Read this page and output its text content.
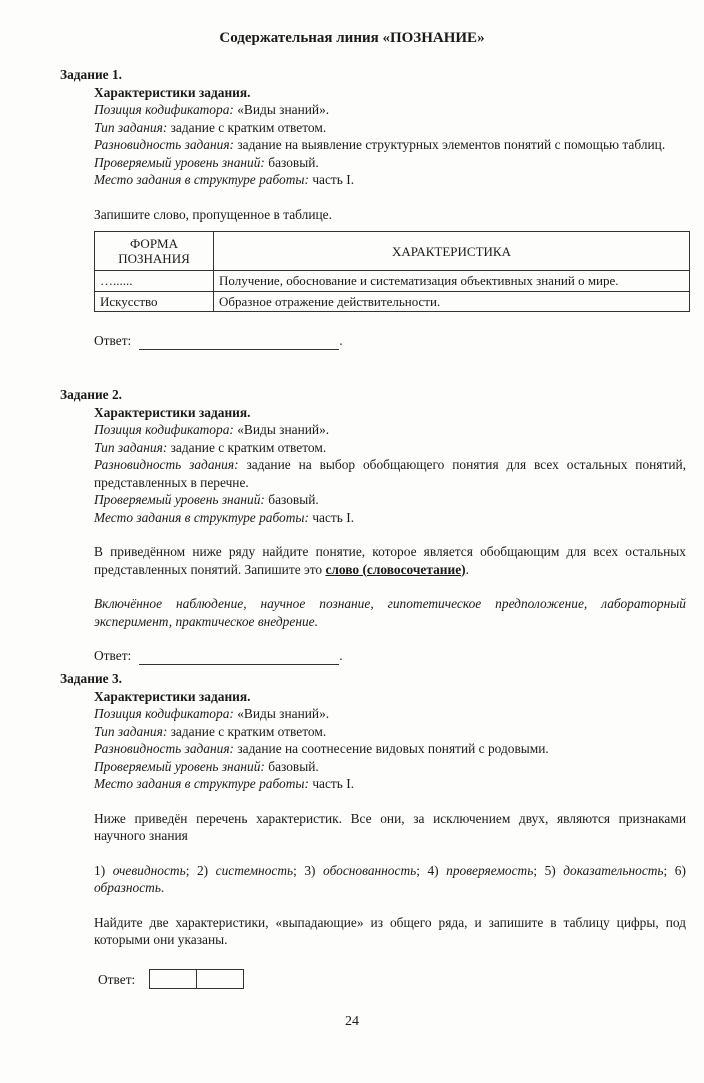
Содержательная линия «ПОЗНАНИЕ»
Задание 1.
Характеристики задания.
Позиция кодификатора: «Виды знаний».
Тип задания: задание с кратким ответом.
Разновидность задания: задание на выявление структурных элементов понятий с помощью таблиц.
Проверяемый уровень знаний: базовый.
Место задания в структуре работы: часть I.
Запишите слово, пропущенное в таблице.
ФОРМА ПОЗНАНИЯ	ХАРАКТЕРИСТИКА
…......	Получение, обоснование и систематизация объективных знаний о мире.
Искусство	Образное отражение действительности.
Ответ:	.
Задание 2.
Характеристики задания.
Позиция кодификатора: «Виды знаний».
Тип задания: задание с кратким ответом.
Разновидность задания: задание на выбор обобщающего понятия для всех остальных понятий, представленных в перечне.
Проверяемый уровень знаний: базовый.
Место задания в структуре работы: часть I.
В приведённом ниже ряду найдите понятие, которое является обобщающим для всех остальных представленных понятий. Запишите это слово (словосочетание).
Включённое наблюдение, научное познание, гипотетическое предположение, лабораторный эксперимент, практическое внедрение.
Ответ:	.
Задание 3.
Характеристики задания.
Позиция кодификатора: «Виды знаний».
Тип задания: задание с кратким ответом.
Разновидность задания: задание на соотнесение видовых понятий с родовыми.
Проверяемый уровень знаний: базовый.
Место задания в структуре работы: часть I.
Ниже приведён перечень характеристик. Все они, за исключением двух, являются признаками научного знания
1) очевидность; 2) системность; 3) обоснованность; 4) проверяемость; 5) доказательность; 6) образность.
Найдите две характеристики, «выпадающие» из общего ряда, и запишите в таблицу цифры, под которыми они указаны.
Ответ:
24
